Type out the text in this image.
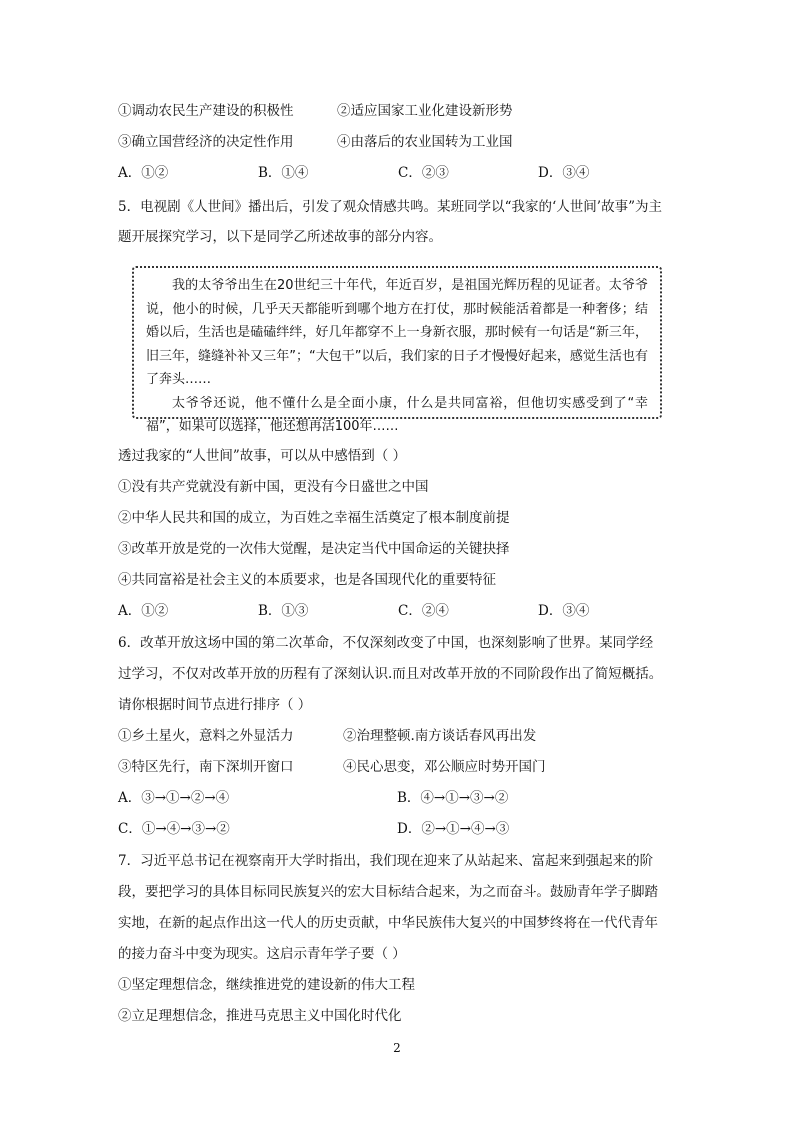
①调动农民生产建设的积极性	②适应国家工业化建设新形势
③确立国营经济的决定性作用	④由落后的农业国转为工业国
A．①②	B．①④	C．②③	D．③④
5．电视剧《人世间》播出后，引发了观众情感共鸣。某班同学以“我家的‘人世间’故事”为主
题开展探究学习，以下是同学乙所述故事的部分内容。

我的太爷爷出生在20世纪三十年代，年近百岁，是祖国光辉历程的见证者。太爷爷说，他小的时候，几乎天天都能听到哪个地方在打仗，那时候能活着都是一种奢侈；结婚以后，生活也是磕磕绊绊，好几年都穿不上一身新衣服，那时候有一句话是“新三年，旧三年，缝缝补补又三年”；“大包干”以后，我们家的日子才慢慢好起来，感觉生活也有了奔头……

太爷爷还说，他不懂什么是全面小康，什么是共同富裕，但他切实感受到了“幸福”，如果可以选择，他还想再活100年……

透过我家的“人世间”故事，可以从中感悟到（ ）
①没有共产党就没有新中国，更没有今日盛世之中国
②中华人民共和国的成立，为百姓之幸福生活奠定了根本制度前提
③改革开放是党的一次伟大觉醒，是决定当代中国命运的关键抉择
④共同富裕是社会主义的本质要求，也是各国现代化的重要特征
A．①②	B．①③	C．②④	D．③④
6．改革开放这场中国的第二次革命，不仅深刻改变了中国，也深刻影响了世界。某同学经
过学习，不仅对改革开放的历程有了深刻认识.而且对改革开放的不同阶段作出了简短概括。
请你根据时间节点进行排序（ ）
①乡土星火，意料之外显活力	②治理整顿.南方谈话春风再出发
③特区先行，南下深圳开窗口	④民心思变，邓公顺应时势开国门
A．③→①→②→④	B．④→①→③→②
C．①→④→③→②	D．②→①→④→③
7．习近平总书记在视察南开大学时指出，我们现在迎来了从站起来、富起来到强起来的阶
段，要把学习的具体目标同民族复兴的宏大目标结合起来，为之而奋斗。鼓励青年学子脚踏
实地，在新的起点作出这一代人的历史贡献，中华民族伟大复兴的中国梦终将在一代代青年
的接力奋斗中变为现实。这启示青年学子要（ ）
①坚定理想信念，继续推进党的建设新的伟大工程
②立足理想信念，推进马克思主义中国化时代化
2
